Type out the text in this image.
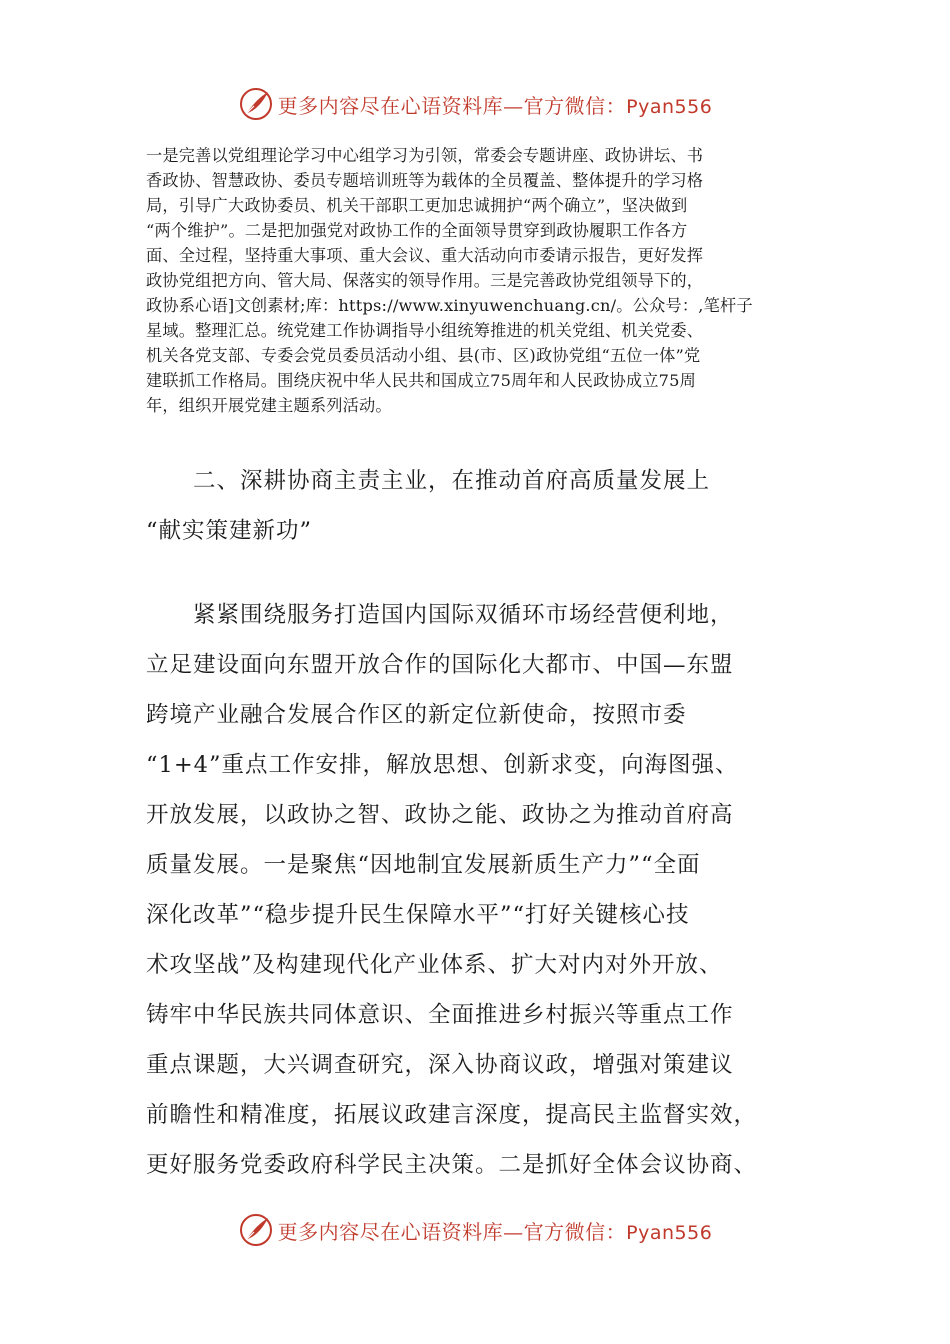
更多内容尽在心语资料库—官方微信：Pyan556

一是完善以党组理论学习中心组学习为引领，常委会专题讲座、政协讲坛、书
香政协、智慧政协、委员专题培训班等为载体的全员覆盖、整体提升的学习格
局，引导广大政协委员、机关干部职工更加忠诚拥护“两个确立”，坚决做到
“两个维护”。二是把加强党对政协工作的全面领导贯穿到政协履职工作各方
面、全过程，坚持重大事项、重大会议、重大活动向市委请示报告，更好发挥
政协党组把方向、管大局、保落实的领导作用。三是完善政协党组领导下的，
政协系心语]文创素材;库：https://www.xinyuwenchuang.cn/。公众号：,笔杆子
星域。整理汇总。统党建工作协调指导小组统筹推进的机关党组、机关党委、
机关各党支部、专委会党员委员活动小组、县(市、区)政协党组“五位一体”党
建联抓工作格局。围绕庆祝中华人民共和国成立75周年和人民政协成立75周
年，组织开展党建主题系列活动。

　　二、深耕协商主责主业，在推动首府高质量发展上
“献实策建新功”

　　紧紧围绕服务打造国内国际双循环市场经营便利地，
立足建设面向东盟开放合作的国际化大都市、中国—东盟
跨境产业融合发展合作区的新定位新使命，按照市委
“1+4”重点工作安排，解放思想、创新求变，向海图强、
开放发展，以政协之智、政协之能、政协之为推动首府高
质量发展。一是聚焦“因地制宜发展新质生产力”“全面
深化改革”“稳步提升民生保障水平”“打好关键核心技
术攻坚战”及构建现代化产业体系、扩大对内对外开放、
铸牢中华民族共同体意识、全面推进乡村振兴等重点工作
重点课题，大兴调查研究，深入协商议政，增强对策建议
前瞻性和精准度，拓展议政建言深度，提高民主监督实效，
更好服务党委政府科学民主决策。二是抓好全体会议协商、

更多内容尽在心语资料库—官方微信：Pyan556
